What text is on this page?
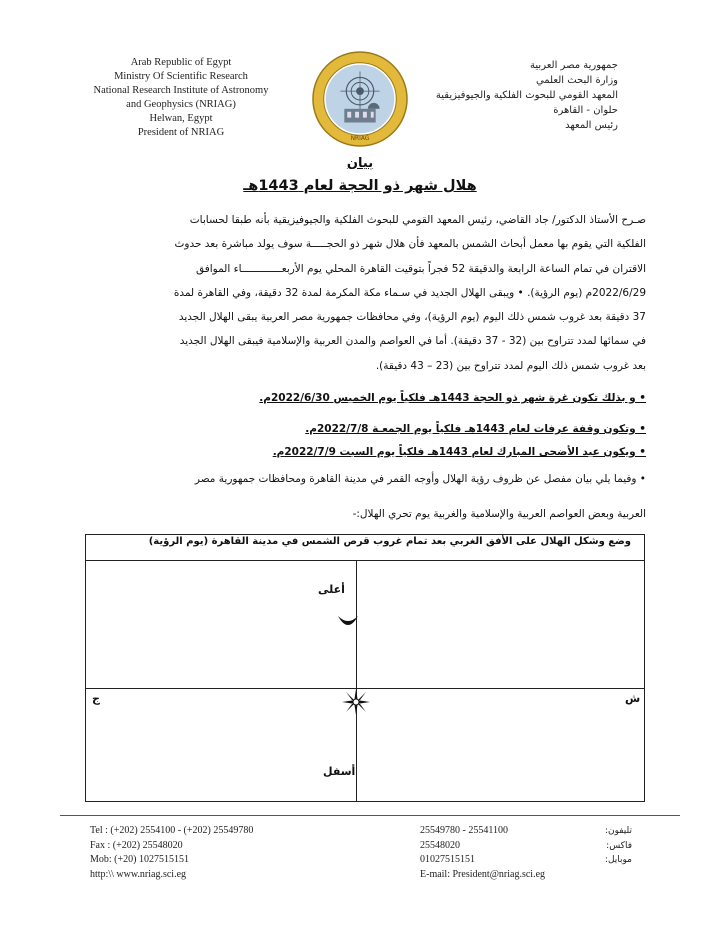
Arab Republic of Egypt
Ministry Of Scientific Research
National Research Institute of Astronomy
and Geophysics (NRIAG)
Helwan, Egypt
President of NRIAG
NRIAG
جمهورية مصر العربية
وزارة البحث العلمي
المعهد القومي للبحوث الفلكية والجيوفيزيقية
حلوان - القاهرة
رئيس المعهد
بيان
هلال شهر ذو الحجة لعام 1443هـ

صـرح الأستاذ الدكتور/ جاد القاضي، رئيس المعهد القومي للبحوث الفلكية والجيوفيزيقية بأنه طبقا لحسابات

الفلكية التي يقوم بها معمل أبحاث الشمس بالمعهد فأن هلال شهر ذو الحجـــــة سوف يولد مباشرة بعد حدوث

الاقتران في تمام الساعة الرابعة والدقيقة 52 فجراً بتوقيت القاهرة المحلي يوم الأربعـــــــــــــاء الموافق

2022/6/29م (يوم الرؤية). • ويبقى الهلال الجديد في سـماء مكة المكرمة لمدة 32 دقيقة، وفي القاهرة لمدة

37 دقيقة بعد غروب شمس ذلك اليوم (يوم الرؤية)، وفي محافظات جمهورية مصر العربية يبقى الهلال الجديد

في سمائها لمدد تتراوح بين (32 - 37 دقيقة). أما في العواصم والمدن العربية والإسلامية فيبقى الهلال الجديد

بعد غروب شمس ذلك اليوم لمدد تتراوح بين (23 – 43 دقيقة).

• و بذلك تكون غرة شهر ذو الحجة 1443هـ فلكياً يوم الخميس 2022/6/30م.
• وتكون وقفة عرفات لعام 1443هـ فلكياً يوم الجمعـة 2022/7/8م.
• ويكون عيد الأضحى المبارك لعام 1443هـ فلكياً يوم السبت 2022/7/9م.
• وفيما يلي بيان مفصل عن ظروف رؤية الهلال وأوجه القمر في مدينة القاهرة ومحافظات جمهورية مصر
العربية وبعض العواصم العربية والإسلامية والغربية يوم تحري الهلال:-
وضع وشكل الهلال على الأفق الغربي بعد تمام غروب قرص الشمس في مدينة القاهرة (يوم الرؤية)
أعلى
أسفل
ج	ش
Tel : (+202) 2554100 - (+202) 25549780
Fax : (+202) 25548020
Mob: (+20) 1027515151
http:\\ www.nriag.sci.eg
25549780 - 25541100	تليفون:
25548020	فاكس:
01027515151	موبايل:
E-mail: President@nriag.sci.eg
